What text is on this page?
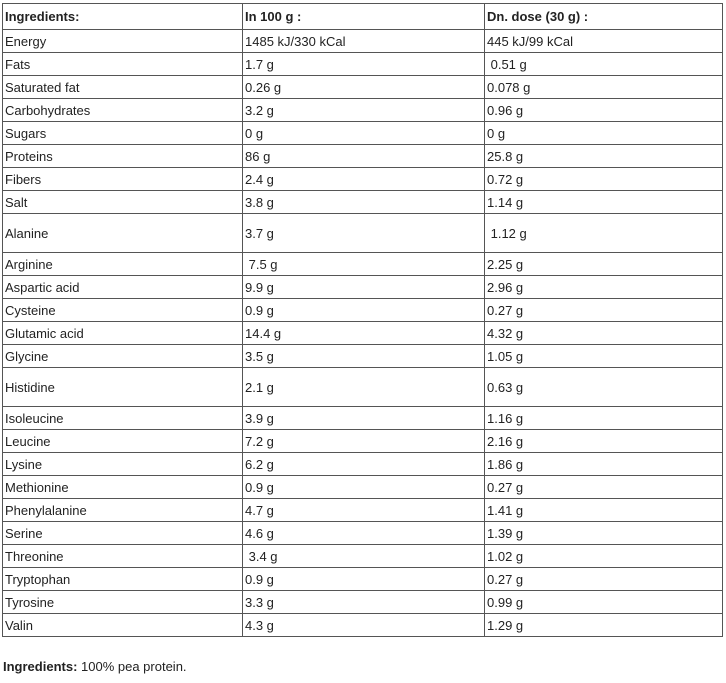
Ingredients:	In 100 g :	Dn. dose (30 g) :
Energy	1485 kJ/330 kCal	445 kJ/99 kCal
Fats	1.7 g	0.51 g
Saturated fat	0.26 g	0.078 g
Carbohydrates	3.2 g	0.96 g
Sugars	0 g	0 g
Proteins	86 g	25.8 g
Fibers	2.4 g	0.72 g
Salt	3.8 g	1.14 g
Alanine	3.7 g	1.12 g
Arginine	7.5 g	2.25 g
Aspartic acid	9.9 g	2.96 g
Cysteine	0.9 g	0.27 g
Glutamic acid	14.4 g	4.32 g
Glycine	3.5 g	1.05 g
Histidine	2.1 g	0.63 g
Isoleucine	3.9 g	1.16 g
Leucine	7.2 g	2.16 g
Lysine	6.2 g	1.86 g
Methionine	0.9 g	0.27 g
Phenylalanine	4.7 g	1.41 g
Serine	4.6 g	1.39 g
Threonine	3.4 g	1.02 g
Tryptophan	0.9 g	0.27 g
Tyrosine	3.3 g	0.99 g
Valin	4.3 g	1.29 g
Ingredients: 100% pea protein.
